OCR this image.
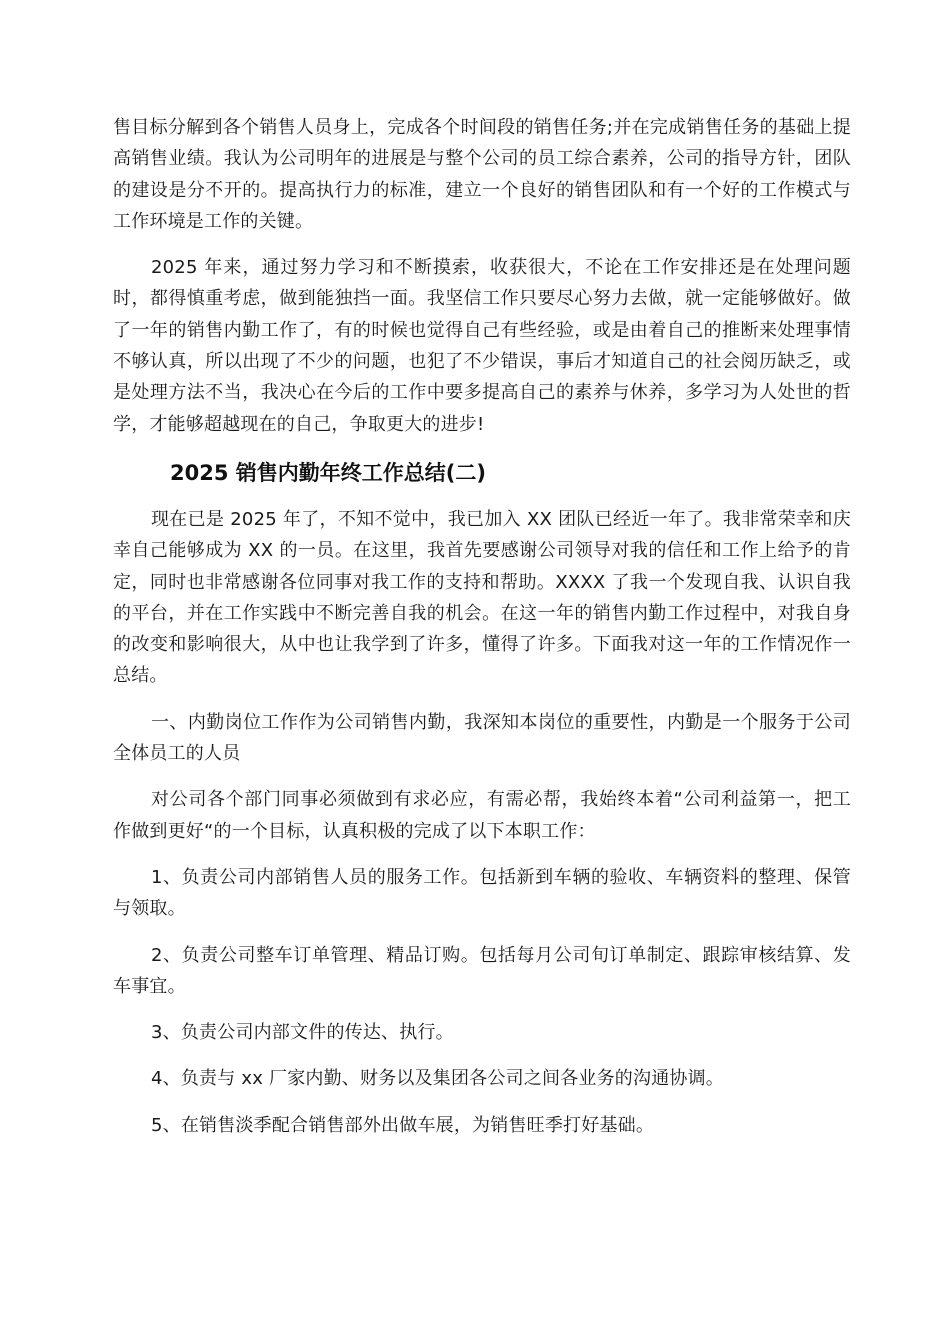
售目标分解到各个销售人员身上，完成各个时间段的销售任务;并在完成销售任务的基础上提高销售业绩。我认为公司明年的进展是与整个公司的员工综合素养，公司的指导方针，团队的建设是分不开的。提高执行力的标准，建立一个良好的销售团队和有一个好的工作模式与工作环境是工作的关键。

2025 年来，通过努力学习和不断摸索，收获很大，不论在工作安排还是在处理问题时，都得慎重考虑，做到能独挡一面。我坚信工作只要尽心努力去做，就一定能够做好。做了一年的销售内勤工作了，有的时候也觉得自己有些经验，或是由着自己的推断来处理事情不够认真，所以出现了不少的问题，也犯了不少错误，事后才知道自己的社会阅历缺乏，或是处理方法不当，我决心在今后的工作中要多提高自己的素养与休养，多学习为人处世的哲学，才能够超越现在的自己，争取更大的进步!

2025 销售内勤年终工作总结(二)

现在已是 2025 年了，不知不觉中，我已加入 XX 团队已经近一年了。我非常荣幸和庆幸自己能够成为 XX 的一员。在这里，我首先要感谢公司领导对我的信任和工作上给予的肯定，同时也非常感谢各位同事对我工作的支持和帮助。XXXX 了我一个发现自我、认识自我的平台，并在工作实践中不断完善自我的机会。在这一年的销售内勤工作过程中，对我自身的改变和影响很大，从中也让我学到了许多，懂得了许多。下面我对这一年的工作情况作一总结。

一、内勤岗位工作作为公司销售内勤，我深知本岗位的重要性，内勤是一个服务于公司全体员工的人员

对公司各个部门同事必须做到有求必应，有需必帮，我始终本着“公司利益第一，把工作做到更好“的一个目标，认真积极的完成了以下本职工作：

1、负责公司内部销售人员的服务工作。包括新到车辆的验收、车辆资料的整理、保管与领取。

2、负责公司整车订单管理、精品订购。包括每月公司旬订单制定、跟踪审核结算、发车事宜。

3、负责公司内部文件的传达、执行。

4、负责与 xx 厂家内勤、财务以及集团各公司之间各业务的沟通协调。

5、在销售淡季配合销售部外出做车展，为销售旺季打好基础。
